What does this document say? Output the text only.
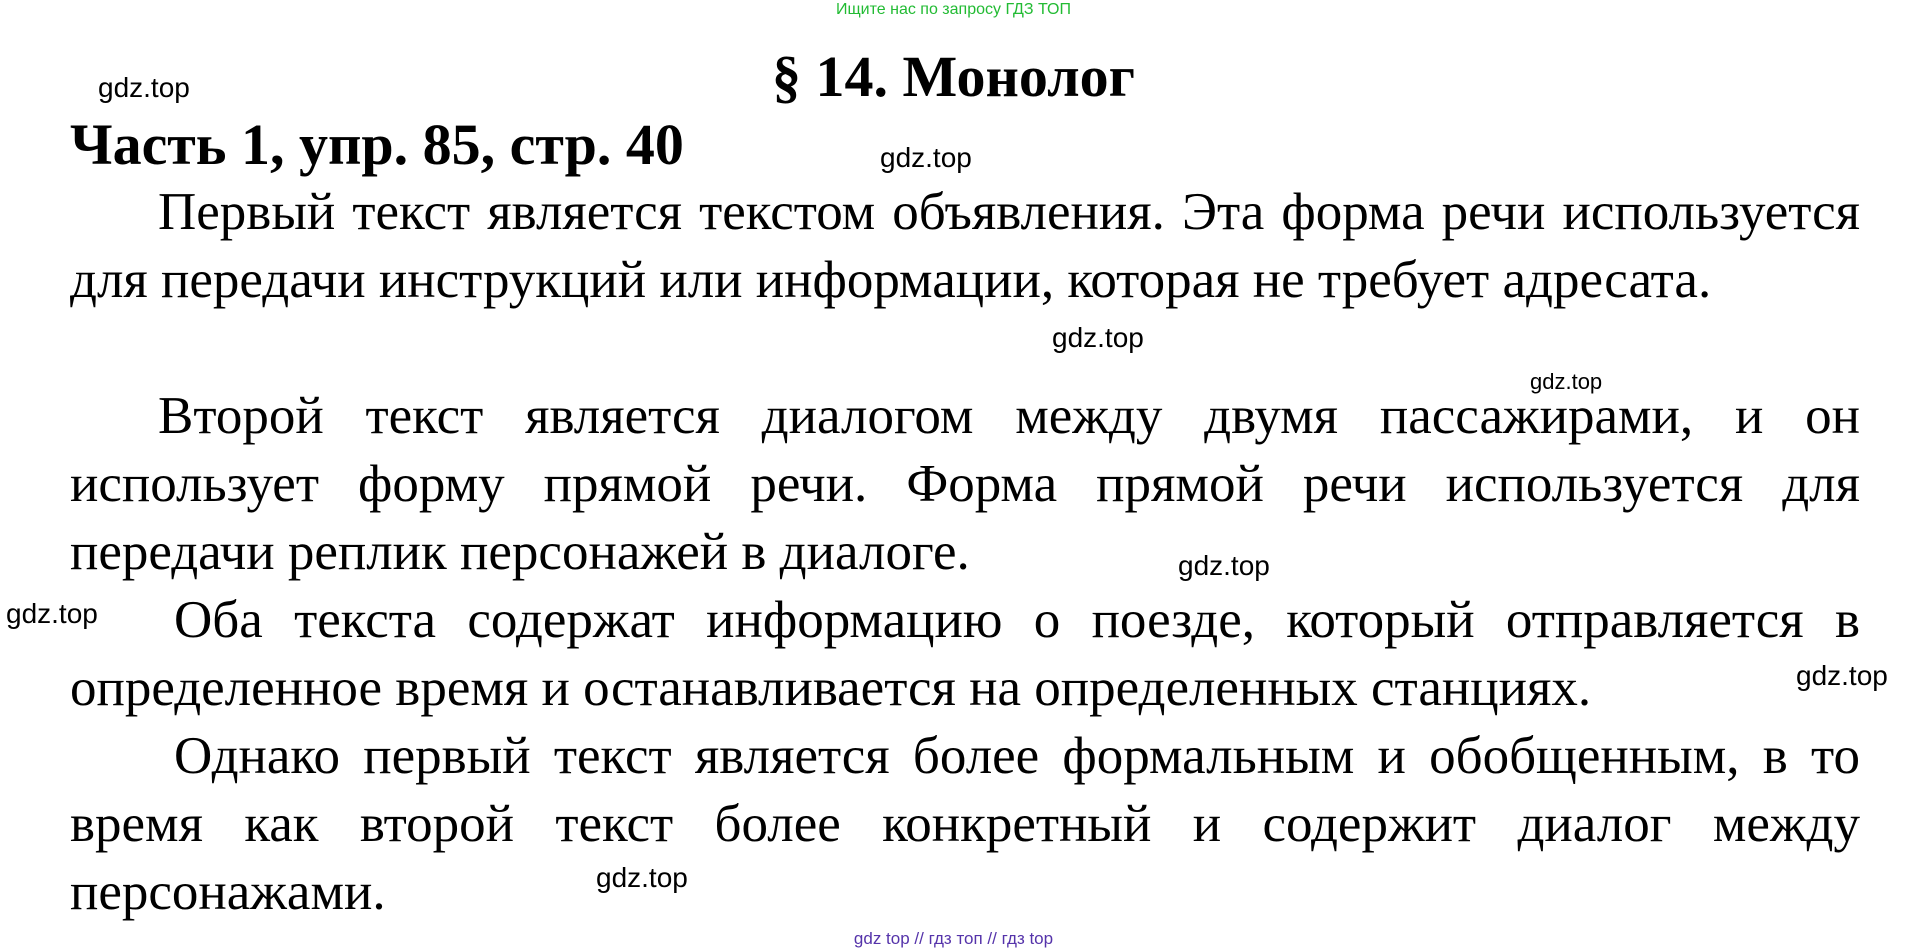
Ищите нас по запросу ГДЗ ТОП
§ 14. Монолог
Часть 1, упр. 85, стр. 40

Первый текст является текстом объявления. Эта форма речи используется для передачи инструкций или информации, которая не требует адресата.

Второй текст является диалогом между двумя пассажирами, и он использует форму прямой речи. Форма прямой речи используется для передачи реплик персонажей в диалоге.

Оба текста содержат информацию о поезде, который отправляется в определенное время и останавливается на определенных станциях.

Однако первый текст является более формальным и обобщенным, в то время как второй текст более конкретный и содержит диалог между персонажами.

gdz.top
gdz.top
gdz.top
gdz.top
gdz.top
gdz.top
gdz.top
gdz.top
gdz top // гдз топ // гдз top
